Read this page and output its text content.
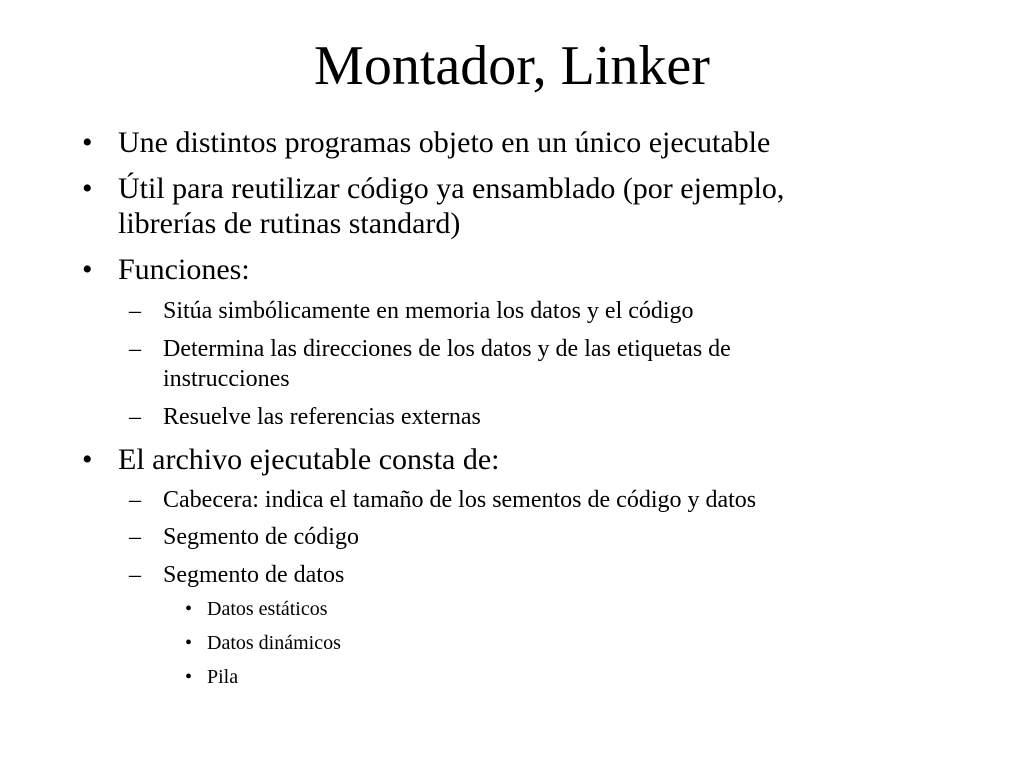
Montador, Linker
• Une distintos programas objeto en un único ejecutable
• Útil para reutilizar código ya ensamblado (por ejemplo,
librerías de rutinas standard)
• Funciones:
– Sitúa simbólicamente en memoria los datos y el código
– Determina las direcciones de los datos y de las etiquetas de
instrucciones
– Resuelve las referencias externas
• El archivo ejecutable consta de:
– Cabecera: indica el tamaño de los sementos de código y datos
– Segmento de código
– Segmento de datos
• Datos estáticos
• Datos dinámicos
• Pila
